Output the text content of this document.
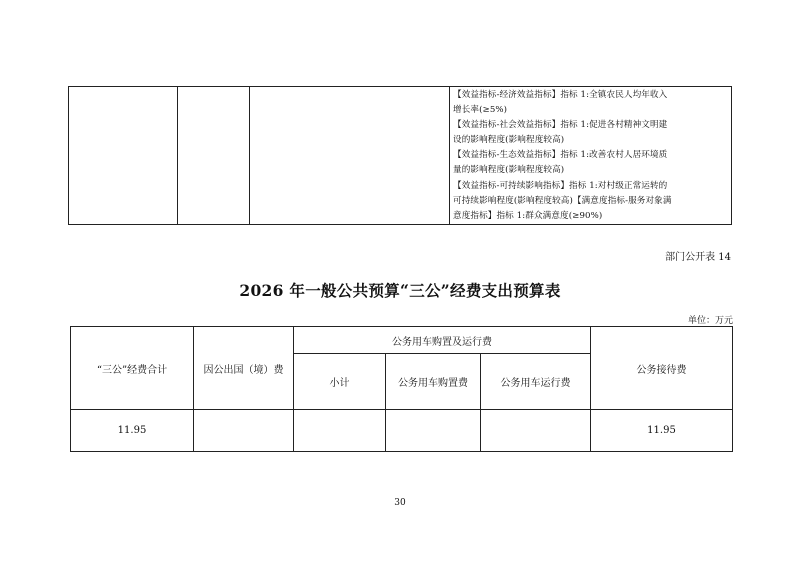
【效益指标-经济效益指标】指标 1:全镇农民人均年收入
增长率(≥5%)
【效益指标-社会效益指标】指标 1:促进各村精神文明建
设的影响程度(影响程度较高)
【效益指标-生态效益指标】指标 1:改善农村人居环境质
量的影响程度(影响程度较高)
【效益指标-可持续影响指标】指标 1:对村级正常运转的
可持续影响程度(影响程度较高)【满意度指标-服务对象满
意度指标】指标 1:群众满意度(≥90%)
部门公开表 14
2026 年一般公共预算“三公”经费支出预算表
单位：万元
“三公”经费合计	因公出国（境）费	公务用车购置及运行费			公务接待费
		小计	公务用车购置费	公务用车运行费	
11.95					11.95
30
